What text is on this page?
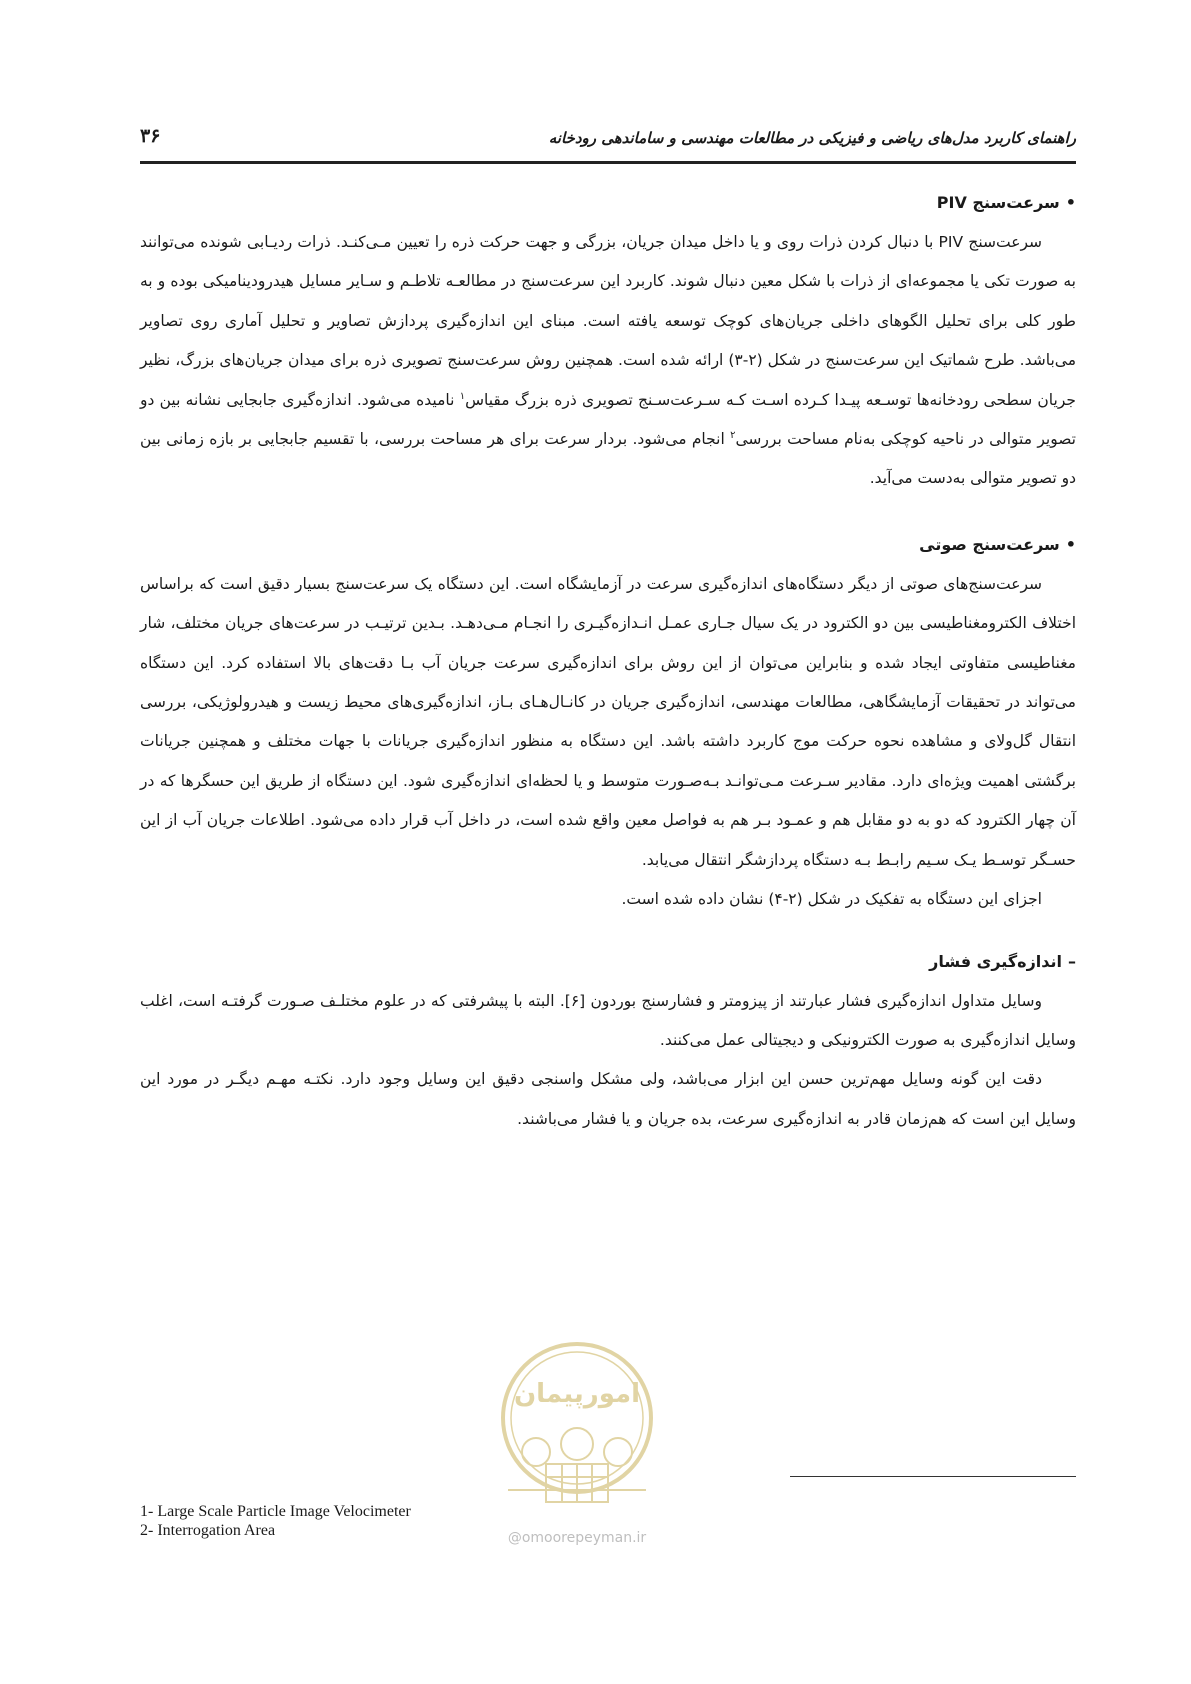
راهنمای کاربرد مدل‌های ریاضی و فیزیکی در مطالعات مهندسی و ساماندهی رودخانه
۳۶
•سرعت‌سنج PIV

سرعت‌سنج PIV با دنبال کردن ذرات روی و یا داخل میدان جریان، بزرگی و جهت حرکت ذره را تعیین مـی‌کنـد. ذرات ردیـابی شونده می‌توانند به صورت تکی یا مجموعه‌ای از ذرات با شکل معین دنبال شوند. کاربرد این سرعت‌سنج در مطالعـه تلاطـم و سـایر مسایل هیدرودینامیکی بوده و به طور کلی برای تحلیل الگوهای داخلی جریان‌های کوچک توسعه یافته است. مبنای این اندازه‌گیری پردازش تصاویر و تحلیل آماری روی تصاویر می‌باشد. طرح شماتیک این سرعت‌سنج در شکل (۲-۳) ارائه شده است. همچنین روش سرعت‌سنج تصویری ذره برای میدان جریان‌های بزرگ، نظیر جریان سطحی رودخانه‌ها توسـعه پیـدا کـرده اسـت کـه سـرعت‌سـنج تصویری ذره بزرگ مقیاس$^۱$ نامیده می‌شود. اندازه‌گیری جابجایی نشانه بین دو تصویر متوالی در ناحیه کوچکی به‌نام مساحت بررسی$^۲$ انجام می‌شود. بردار سرعت برای هر مساحت بررسی، با تقسیم جابجایی بر بازه زمانی بین دو تصویر متوالی به‌دست می‌آید.

•سرعت‌سنج صوتی

سرعت‌سنج‌های صوتی از دیگر دستگاه‌های اندازه‌گیری سرعت در آزمایشگاه است. این دستگاه یک سرعت‌سنج بسیار دقیق است که براساس اختلاف الکترومغناطیسی بین دو الکترود در یک سیال جـاری عمـل انـدازه‌گیـری را انجـام مـی‌دهـد. بـدین ترتیـب در سرعت‌های جریان مختلف، شار مغناطیسی متفاوتی ایجاد شده و بنابراین می‌توان از این روش برای اندازه‌گیری سرعت جریان آب بـا دقت‌های بالا استفاده کرد. این دستگاه می‌تواند در تحقیقات آزمایشگاهی، مطالعات مهندسی، اندازه‌گیری جریان در کانـال‌هـای بـاز، اندازه‌گیری‌های محیط زیست و هیدرولوژیکی، بررسی انتقال گل‌ولای و مشاهده نحوه حرکت موج کاربرد داشته باشد. این دستگاه به منظور اندازه‌گیری جریانات با جهات مختلف و همچنین جریانات برگشتی اهمیت ویژه‌ای دارد. مقادیر سـرعت مـی‌توانـد بـه‌صـورت متوسط و یا لحظه‌ای اندازه‌گیری شود. این دستگاه از طریق این حسگرها که در آن چهار الکترود که دو به دو مقابل هم و عمـود بـر هم به فواصل معین واقع شده است، در داخل آب قرار داده می‌شود. اطلاعات جریان آب از این حسـگر توسـط یـک سـیم رابـط بـه دستگاه پردازشگر انتقال می‌یابد.

اجزای این دستگاه به تفکیک در شکل (۲-۴) نشان داده شده است.

–اندازه‌گیری فشار

وسایل متداول اندازه‌گیری فشار عبارتند از پیزومتر و فشارسنج بوردون [۶]. البته با پیشرفتی که در علوم مختلـف صـورت گرفتـه است، اغلب وسایل اندازه‌گیری به صورت الکترونیکی و دیجیتالی عمل می‌کنند.

دقت این گونه وسایل مهم‌ترین حسن این ابزار می‌باشد، ولی مشکل واسنجی دقیق این وسایل وجود دارد. نکتـه مهـم دیگـر در مورد این وسایل این است که هم‌زمان قادر به اندازه‌گیری سرعت، بده جریان و یا فشار می‌باشند.

امورپیمان
@omoorepeyman.ir
1- Large Scale Particle Image Velocimeter
2- Interrogation Area
